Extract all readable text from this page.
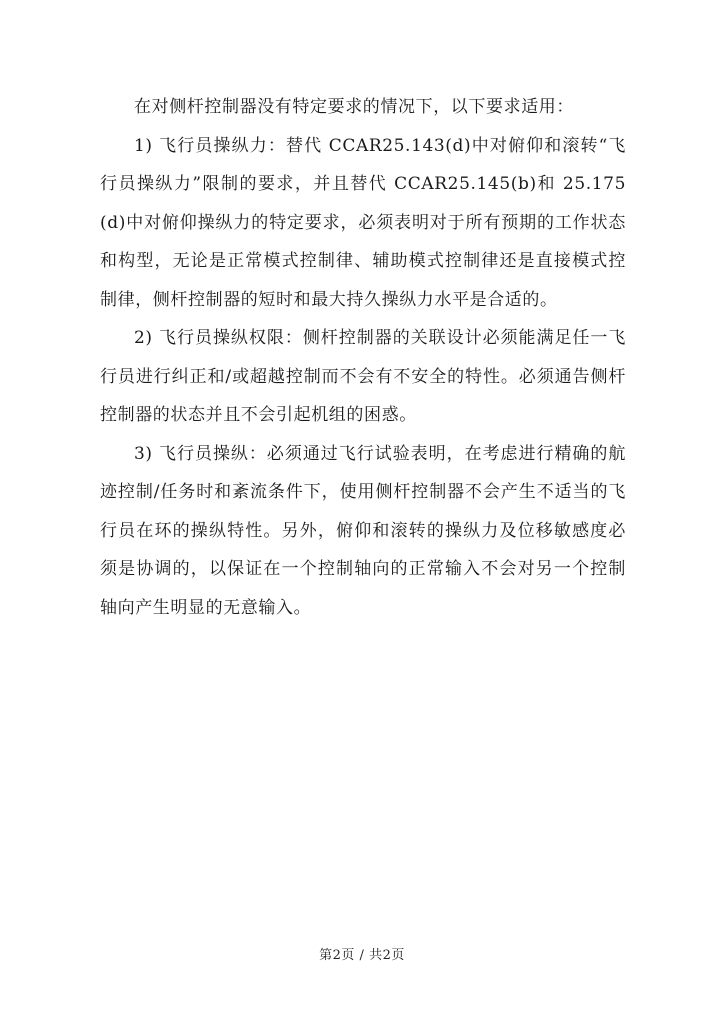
在对侧杆控制器没有特定要求的情况下，以下要求适用：

1) 飞行员操纵力：替代 CCAR25.143(d)中对俯仰和滚转“飞行员操纵力”限制的要求，并且替代 CCAR25.145(b)和 25.175(d)中对俯仰操纵力的特定要求，必须表明对于所有预期的工作状态和构型，无论是正常模式控制律、辅助模式控制律还是直接模式控制律，侧杆控制器的短时和最大持久操纵力水平是合适的。

2) 飞行员操纵权限：侧杆控制器的关联设计必须能满足任一飞行员进行纠正和/或超越控制而不会有不安全的特性。必须通告侧杆控制器的状态并且不会引起机组的困惑。

3) 飞行员操纵：必须通过飞行试验表明，在考虑进行精确的航迹控制/任务时和紊流条件下，使用侧杆控制器不会产生不适当的飞行员在环的操纵特性。另外，俯仰和滚转的操纵力及位移敏感度必须是协调的，以保证在一个控制轴向的正常输入不会对另一个控制轴向产生明显的无意输入。

第2页 / 共2页
